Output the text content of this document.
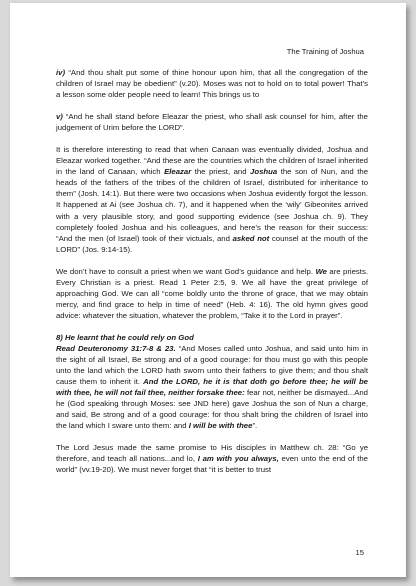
The Training of Joshua

iv) “And thou shalt put some of thine honour upon him, that all the congregation of the children of Israel may be obedient” (v.20). Moses was not to hold on to total power! That’s a lesson some older people need to learn! This brings us to

v) “And he shall stand before Eleazar the priest, who shall ask counsel for him, after the judgement of Urim before the LORD”.

It is therefore interesting to read that when Canaan was eventually divided, Joshua and Eleazar worked together. “And these are the countries which the children of Israel inherited in the land of Canaan, which Eleazar the priest, and Joshua the son of Nun, and the heads of the fathers of the tribes of the children of Israel, distributed for inheritance to them” (Josh. 14:1). But there were two occasions when Joshua evidently forgot the lesson. It happened at Ai (see Joshua ch. 7), and it happened when the ‘wily’ Gibeonites arrived with a very plausible story, and good supporting evidence (see Joshua ch. 9). They completely fooled Joshua and his colleagues, and here’s the reason for their success: “And the men (of Israel) took of their victuals, and asked not counsel at the mouth of the LORD” (Jos. 9:14-15).

We don’t have to consult a priest when we want God’s guidance and help. We are priests. Every Christian is a priest. Read 1 Peter 2:5, 9. We all have the great privilege of approaching God. We can all “come boldly unto the throne of grace, that we may obtain mercy, and find grace to help in time of need” (Heb. 4: 16). The old hymn gives good advice: whatever the situation, whatever the problem, “Take it to the Lord in prayer”.

8) He learnt that he could rely on God

Read Deuteronomy 31:7-8 & 23. “And Moses called unto Joshua, and said unto him in the sight of all Israel, Be strong and of a good courage: for thou must go with this people unto the land which the LORD hath sworn unto their fathers to give them; and thou shalt cause them to inherit it. And the LORD, he it is that doth go before thee; he will be with thee, he will not fail thee, neither forsake thee: fear not, neither be dismayed...And he (God speaking through Moses: see JND here) gave Joshua the son of Nun a charge, and said, Be strong and of a good courage: for thou shalt bring the children of Israel into the land which I sware unto them: and I will be with thee”.

The Lord Jesus made the same promise to His disciples in Matthew ch. 28: “Go ye therefore, and teach all nations...and lo, I am with you always, even unto the end of the world” (vv.19-20). We must never forget that “it is better to trust

15
